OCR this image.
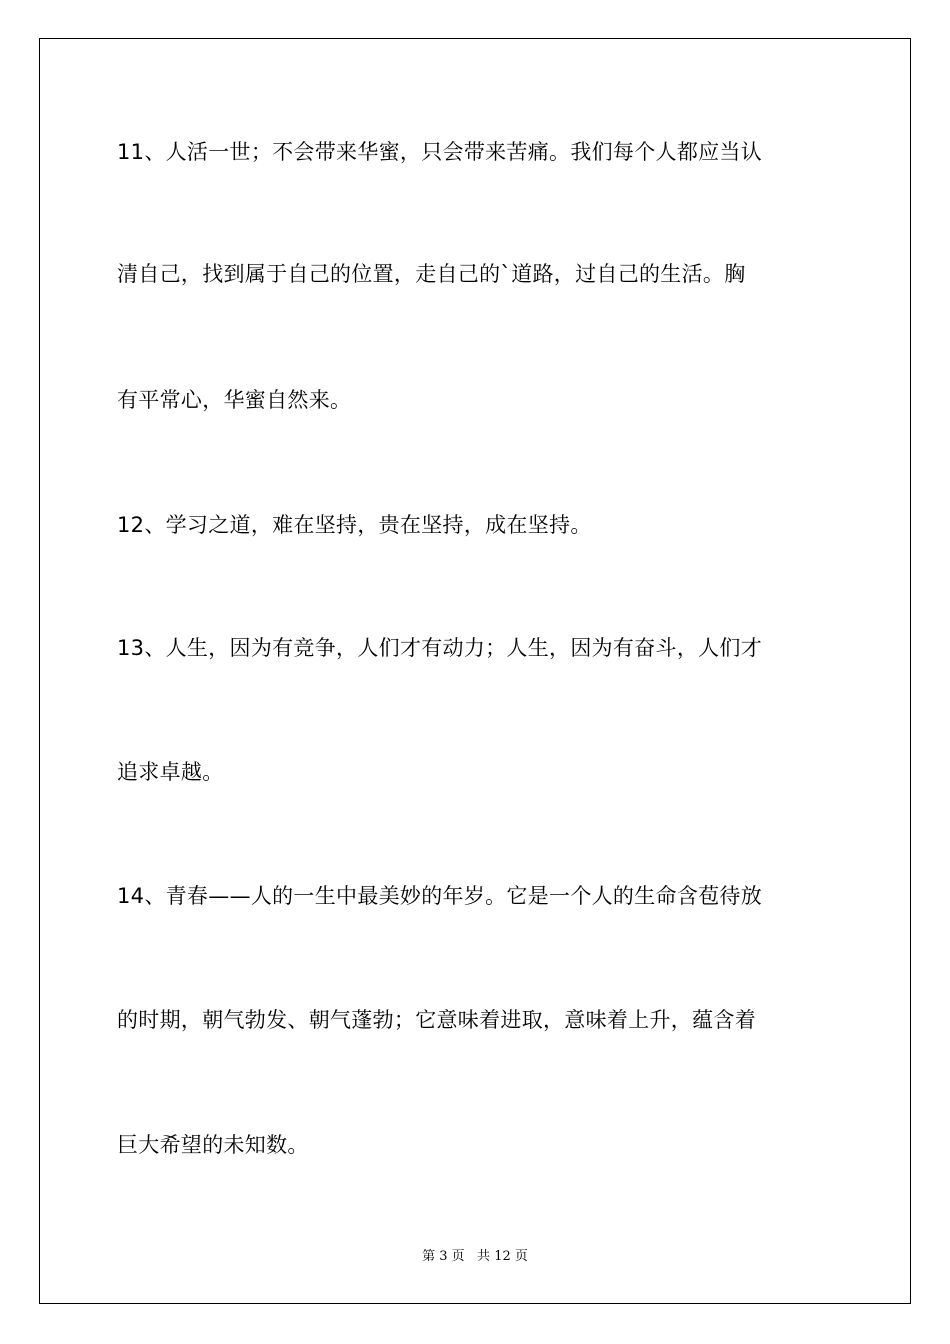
11、人活一世；不会带来华蜜，只会带来苦痛。我们每个人都应当认
清自己，找到属于自己的位置，走自己的`道路，过自己的生活。胸
有平常心，华蜜自然来。
12、学习之道，难在坚持，贵在坚持，成在坚持。
13、人生，因为有竞争，人们才有动力；人生，因为有奋斗，人们才
追求卓越。
14、青春——人的一生中最美妙的年岁。它是一个人的生命含苞待放
的时期，朝气勃发、朝气蓬勃；它意味着进取，意味着上升，蕴含着
巨大希望的未知数。
第 3 页   共 12 页
